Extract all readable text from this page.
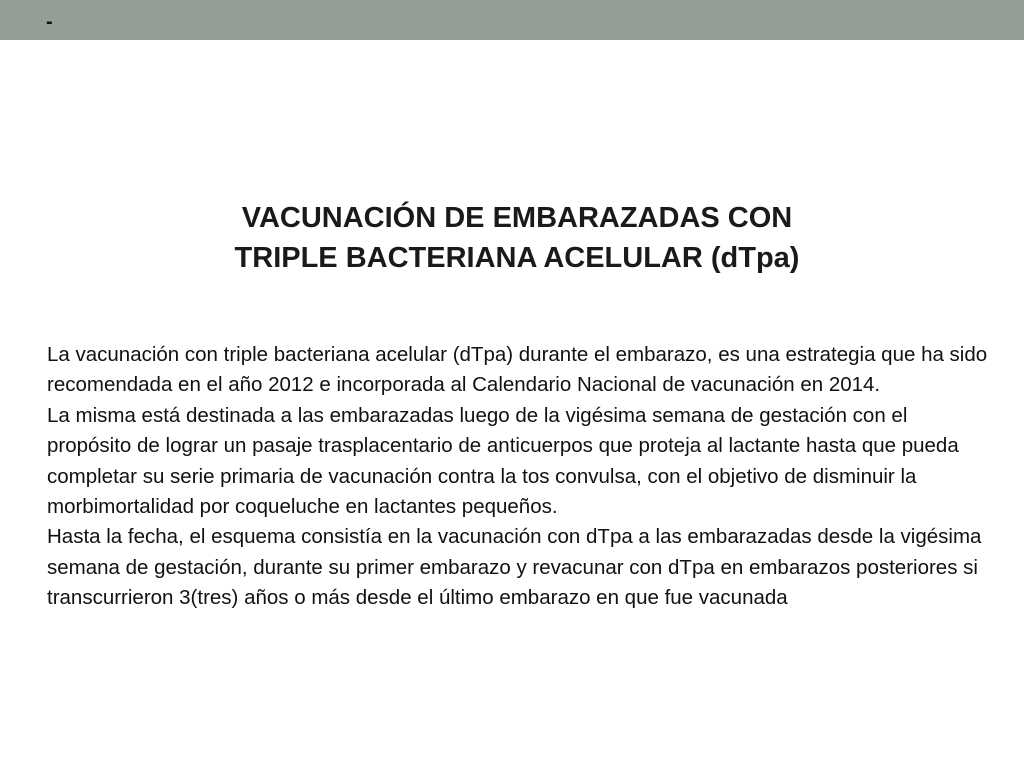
-
VACUNACIÓN DE EMBARAZADAS CON
TRIPLE BACTERIANA ACELULAR (dTpa)

La vacunación con triple bacteriana acelular (dTpa) durante el embarazo, es una estrategia que ha sido recomendada en el año 2012 e incorporada al Calendario Nacional de vacunación en 2014.

La misma está destinada a las embarazadas luego de la vigésima semana de gestación con el propósito de lograr un pasaje trasplacentario de anticuerpos que proteja al lactante hasta que pueda completar su serie primaria de vacunación contra la tos convulsa, con el objetivo de disminuir la morbimortalidad por coqueluche en lactantes pequeños.

Hasta la fecha, el esquema consistía en la vacunación con dTpa a las embarazadas desde la vigésima semana de gestación, durante su primer embarazo y revacunar con dTpa en embarazos posteriores si transcurrieron 3(tres) años o más desde el último embarazo en que fue vacunada
